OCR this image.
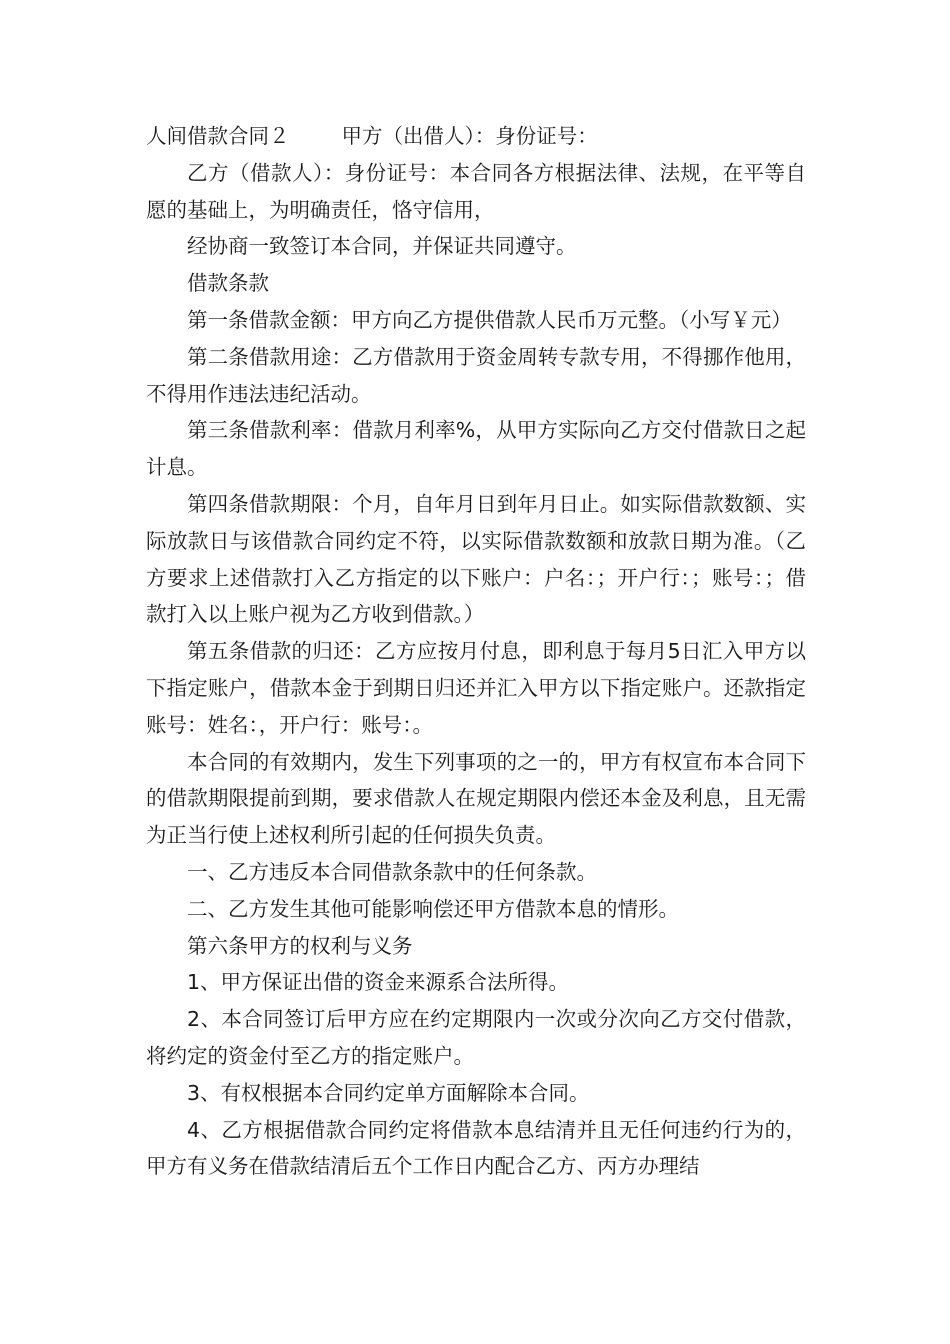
人间借款合同２	甲方（出借人）：身份证号：

乙方（借款人）：身份证号：本合同各方根据法律、法规，在平等自愿的基础上，为明确责任，恪守信用，

经协商一致签订本合同，并保证共同遵守。

借款条款

第一条借款金额：甲方向乙方提供借款人民币万元整。（小写￥元）

第二条借款用途：乙方借款用于资金周转专款专用，不得挪作他用，不得用作违法违纪活动。

第三条借款利率：借款月利率%，从甲方实际向乙方交付借款日之起计息。

第四条借款期限：个月，自年月日到年月日止。如实际借款数额、实际放款日与该借款合同约定不符，以实际借款数额和放款日期为准。（乙方要求上述借款打入乙方指定的以下账户：户名：；开户行：；账号：；借款打入以上账户视为乙方收到借款。）

第五条借款的归还：乙方应按月付息，即利息于每月5日汇入甲方以下指定账户，借款本金于到期日归还并汇入甲方以下指定账户。还款指定账号：姓名：，开户行：账号：。

本合同的有效期内，发生下列事项的之一的，甲方有权宣布本合同下的借款期限提前到期，要求借款人在规定期限内偿还本金及利息，且无需为正当行使上述权利所引起的任何损失负责。

一、乙方违反本合同借款条款中的任何条款。

二、乙方发生其他可能影响偿还甲方借款本息的情形。

第六条甲方的权利与义务

1、甲方保证出借的资金来源系合法所得。

2、本合同签订后甲方应在约定期限内一次或分次向乙方交付借款，将约定的资金付至乙方的指定账户。

3、有权根据本合同约定单方面解除本合同。

4、乙方根据借款合同约定将借款本息结清并且无任何违约行为的，甲方有义务在借款结清后五个工作日内配合乙方、丙方办理结
